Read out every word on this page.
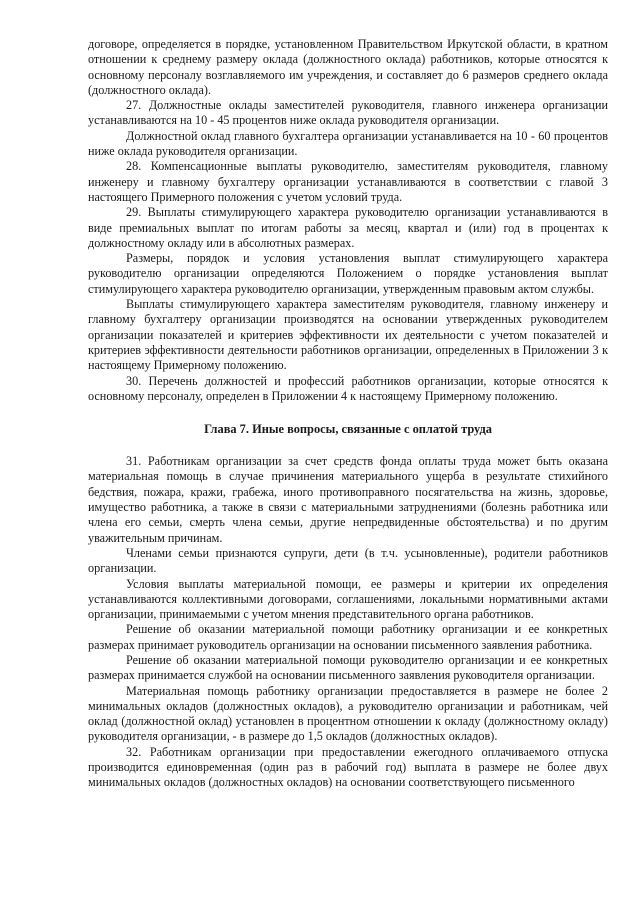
договоре, определяется в порядке, установленном Правительством Иркутской области, в кратном отношении к среднему размеру оклада (должностного оклада) работников, которые относятся к основному персоналу возглавляемого им учреждения, и составляет до 6 размеров среднего оклада (должностного оклада).

27. Должностные оклады заместителей руководителя, главного инженера организации устанавливаются на 10 - 45 процентов ниже оклада руководителя организации.

Должностной оклад главного бухгалтера организации устанавливается на 10 - 60 процентов ниже оклада руководителя организации.

28. Компенсационные выплаты руководителю, заместителям руководителя, главному инженеру и главному бухгалтеру организации устанавливаются в соответствии с главой 3 настоящего Примерного положения с учетом условий труда.

29. Выплаты стимулирующего характера руководителю организации устанавливаются в виде премиальных выплат по итогам работы за месяц, квартал и (или) год в процентах к должностному окладу или в абсолютных размерах.

Размеры, порядок и условия установления выплат стимулирующего характера руководителю организации определяются Положением о порядке установления выплат стимулирующего характера руководителю организации, утвержденным правовым актом службы.

Выплаты стимулирующего характера заместителям руководителя, главному инженеру и главному бухгалтеру организации производятся на основании утвержденных руководителем организации показателей и критериев эффективности их деятельности с учетом показателей и критериев эффективности деятельности работников организации, определенных в Приложении 3 к настоящему Примерному положению.

30. Перечень должностей и профессий работников организации, которые относятся к основному персоналу, определен в Приложении 4 к настоящему Примерному положению.

Глава 7. Иные вопросы, связанные с оплатой труда

31. Работникам организации за счет средств фонда оплаты труда может быть оказана материальная помощь в случае причинения материального ущерба в результате стихийного бедствия, пожара, кражи, грабежа, иного противоправного посягательства на жизнь, здоровье, имущество работника, а также в связи с материальными затруднениями (болезнь работника или члена его семьи, смерть члена семьи, другие непредвиденные обстоятельства) и по другим уважительным причинам.

Членами семьи признаются супруги, дети (в т.ч. усыновленные), родители работников организации.

Условия выплаты материальной помощи, ее размеры и критерии их определения устанавливаются коллективными договорами, соглашениями, локальными нормативными актами организации, принимаемыми с учетом мнения представительного органа работников.

Решение об оказании материальной помощи работнику организации и ее конкретных размерах принимает руководитель организации на основании письменного заявления работника.

Решение об оказании материальной помощи руководителю организации и ее конкретных размерах принимается службой на основании письменного заявления руководителя организации.

Материальная помощь работнику организации предоставляется в размере не более 2 минимальных окладов (должностных окладов), а руководителю организации и работникам, чей оклад (должностной оклад) установлен в процентном отношении к окладу (должностному окладу) руководителя организации, - в размере до 1,5 окладов (должностных окладов).

32. Работникам организации при предоставлении ежегодного оплачиваемого отпуска производится единовременная (один раз в рабочий год) выплата в размере не более двух минимальных окладов (должностных окладов) на основании соответствующего письменного
